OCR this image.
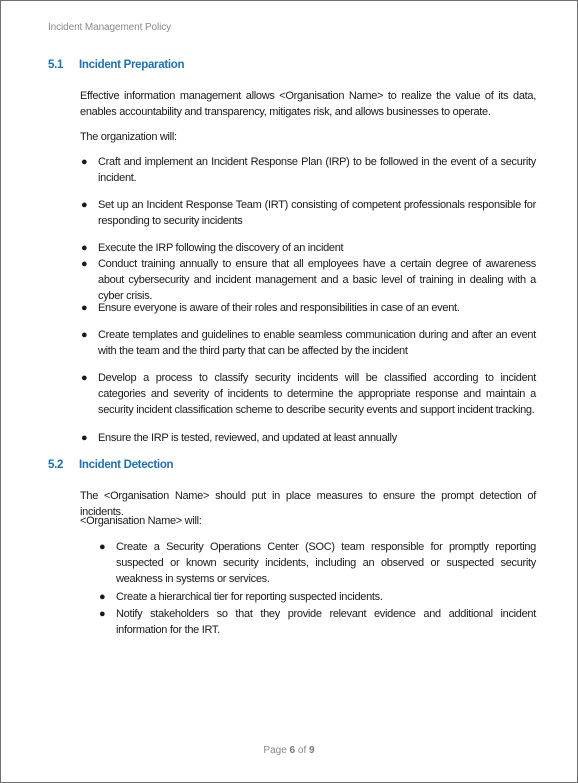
Incident Management Policy
5.1 Incident Preparation

Effective information management allows <Organisation Name> to realize the value of its data, enables accountability and transparency, mitigates risk, and allows businesses to operate.

The organization will:

● Craft and implement an Incident Response Plan (IRP) to be followed in the event of a security incident.
● Set up an Incident Response Team (IRT) consisting of competent professionals responsible for responding to security incidents
● Execute the IRP following the discovery of an incident
● Conduct training annually to ensure that all employees have a certain degree of awareness about cybersecurity and incident management and a basic level of training in dealing with a cyber crisis.
● Ensure everyone is aware of their roles and responsibilities in case of an event.
● Create templates and guidelines to enable seamless communication during and after an event with the team and the third party that can be affected by the incident
● Develop a process to classify security incidents will be classified according to incident categories and severity of incidents to determine the appropriate response and maintain a security incident classification scheme to describe security events and support incident tracking.
● Ensure the IRP is tested, reviewed, and updated at least annually
5.2 Incident Detection

The <Organisation Name> should put in place measures to ensure the prompt detection of incidents.

<Organisation Name> will:

● Create a Security Operations Center (SOC) team responsible for promptly reporting suspected or known security incidents, including an observed or suspected security weakness in systems or services.
● Create a hierarchical tier for reporting suspected incidents.
● Notify stakeholders so that they provide relevant evidence and additional incident information for the IRT.
Page 6 of 9
